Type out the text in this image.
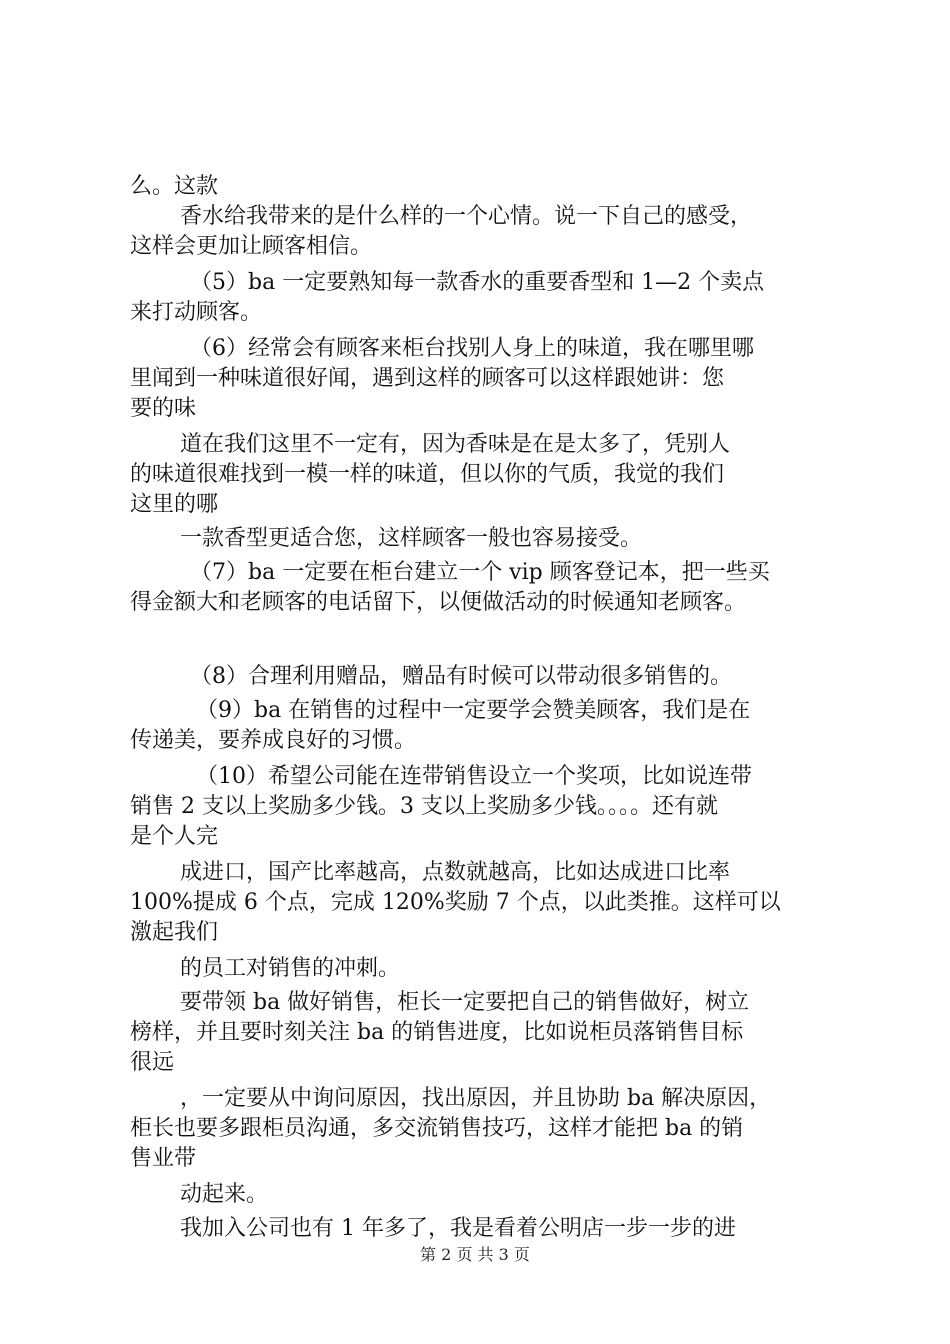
么。这款
香水给我带来的是什么样的一个心情。说一下自己的感受，
这样会更加让顾客相信。
（5）ba 一定要熟知每一款香水的重要香型和 1—2 个卖点
来打动顾客。
（6）经常会有顾客来柜台找别人身上的味道，我在哪里哪
里闻到一种味道很好闻，遇到这样的顾客可以这样跟她讲：您
要的味
道在我们这里不一定有，因为香味是在是太多了，凭别人
的味道很难找到一模一样的味道，但以你的气质，我觉的我们
这里的哪
一款香型更适合您，这样顾客一般也容易接受。
（7）ba 一定要在柜台建立一个 vip 顾客登记本，把一些买
得金额大和老顾客的电话留下，以便做活动的时候通知老顾客。
（8）合理利用赠品，赠品有时候可以带动很多销售的。
（9）ba 在销售的过程中一定要学会赞美顾客，我们是在
传递美，要养成良好的习惯。
（10）希望公司能在连带销售设立一个奖项，比如说连带
销售 2 支以上奖励多少钱。3 支以上奖励多少钱。。。。还有就
是个人完
成进口，国产比率越高，点数就越高，比如达成进口比率
100%提成 6 个点，完成 120%奖励 7 个点，以此类推。这样可以
激起我们
的员工对销售的冲刺。
要带领 ba 做好销售，柜长一定要把自己的销售做好，树立
榜样，并且要时刻关注 ba 的销售进度，比如说柜员落销售目标
很远
，一定要从中询问原因，找出原因，并且协助 ba 解决原因，
柜长也要多跟柜员沟通，多交流销售技巧，这样才能把 ba 的销
售业带
动起来。
我加入公司也有 1 年多了，我是看着公明店一步一步的进
第 2 页 共 3 页
